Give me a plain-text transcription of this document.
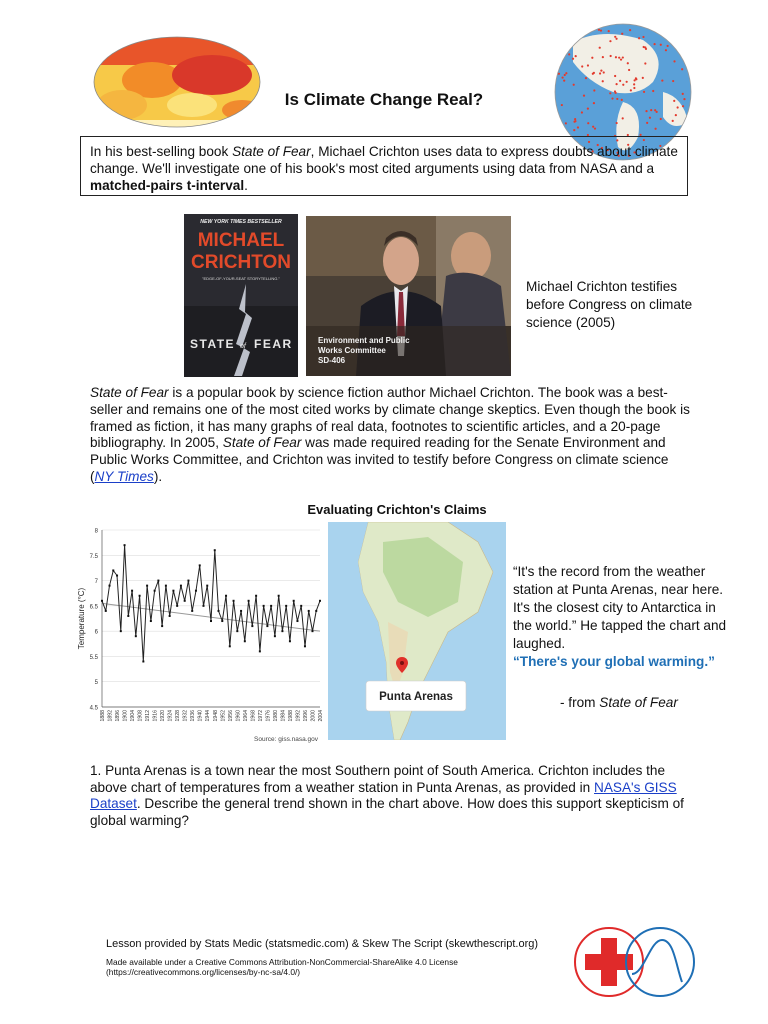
Is Climate Change Real?
In his best-selling book State of Fear, Michael Crichton uses data to express doubts about climate change. We'll investigate one of his book's most cited arguments using data from NASA and a matched-pairs t-interval.
NEW YORK TIMES BESTSELLER
MICHAEL
CRICHTON
"EDGE-OF-YOUR-SEAT STORYTELLING."
STATE of FEAR	Environment and Public
Works Committee
SD-406
Michael Crichton testifies before Congress on climate science (2005)
State of Fear is a popular book by science fiction author Michael Crichton. The book was a best-seller and remains one of the most cited works by climate change skeptics. Even though the book is framed as fiction, it has many graphs of real data, footnotes to scientific articles, and a 20-page bibliography. In 2005, State of Fear was made required reading for the Senate Environment and Public Works Committee, and Crichton was invited to testify before Congress on climate science (NY Times).
Evaluating Crichton's Claims
8
7.5
7
6.5
6
5.5
5
4.5
1888 1892 1896 1900 1904 1908 1912 1916 1920 1924 1928 1932 1936 1940 1944 1948 1952 1956 1960 1964 1968 1972 1976 1980 1984 1988 1992 1996 2000 2004
Temperature (°C)
Source: giss.nasa.gov
Punta Arenas
“It's the record from the weather station at Punta Arenas, near here. It's the closest city to Antarctica in the world.” He tapped the chart and laughed.
“There's your global warming.”
- from State of Fear
1. Punta Arenas is a town near the most Southern point of South America. Crichton includes the above chart of temperatures from a weather station in Punta Arenas, as provided in NASA's GISS Dataset. Describe the general trend shown in the chart above. How does this support skepticism of global warming?
Lesson provided by Stats Medic (statsmedic.com) & Skew The Script (skewthescript.org)
Made available under a Creative Commons Attribution-NonCommercial-ShareAlike 4.0 License
(https://creativecommons.org/licenses/by-nc-sa/4.0/)
